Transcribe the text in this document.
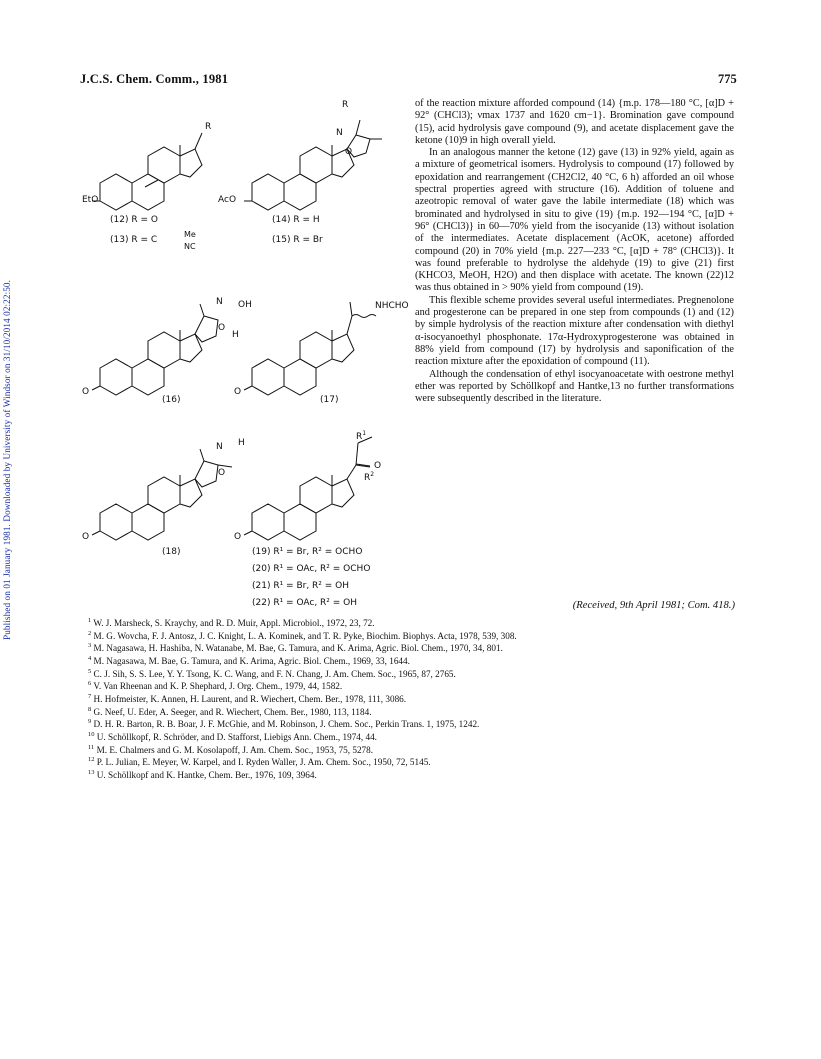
Published on 01 January 1981. Downloaded by University of Windsor on 31/10/2014 02:22:50.
J.C.S. Chem. Comm., 1981	775
R
EtO
(12) R = O
(13) R = C
Me
NC
R
N
O
AcO
(14) R = H
(15) R = Br
N OH
O
H
O
(16)
NHCHO
O
(17)
N
O
H
O
(18)
$R^1$
O
$R^2$
O
(19) R¹ = Br, R² = OCHO
(20) R¹ = OAc, R² = OCHO
(21) R¹ = Br, R² = OH
(22) R¹ = OAc, R² = OH

of the reaction mixture afforded compound (14) {m.p. 178—180 °C, [α]D + 92° (CHCl3); νmax 1737 and 1620 cm−1}. Bromination gave compound (15), acid hydrolysis gave compound (9), and acetate displacement gave the ketone (10)9 in high overall yield.

In an analogous manner the ketone (12) gave (13) in 92% yield, again as a mixture of geometrical isomers. Hydrolysis to compound (17) followed by epoxidation and rearrangement (CH2Cl2, 40 °C, 6 h) afforded an oil whose spectral properties agreed with structure (16). Addition of toluene and azeotropic removal of water gave the labile intermediate (18) which was brominated and hydrolysed in situ to give (19) {m.p. 192—194 °C, [α]D + 96° (CHCl3)} in 60—70% yield from the isocyanide (13) without isolation of the intermediates. Acetate displacement (AcOK, acetone) afforded compound (20) in 70% yield {m.p. 227—233 °C, [α]D + 78° (CHCl3)}. It was found preferable to hydrolyse the aldehyde (19) to give (21) first (KHCO3, MeOH, H2O) and then displace with acetate. The known (22)12 was thus obtained in > 90% yield from compound (19).

This flexible scheme provides several useful intermediates. Pregnenolone and progesterone can be prepared in one step from compounds (1) and (12) by simple hydrolysis of the reaction mixture after condensation with diethyl α-isocyanoethyl phosphonate. 17α-Hydroxyprogesterone was obtained in 88% yield from compound (17) by hydrolysis and saponification of the reaction mixture after the epoxidation of compound (11).

Although the condensation of ethyl isocyanoacetate with oestrone methyl ether was reported by Schöllkopf and Hantke,13 no further transformations were subsequently described in the literature.

(Received, 9th April 1981; Com. 418.)
$^1$ W. J. Marsheck, S. Kraychy, and R. D. Muir, Appl. Microbiol., 1972, 23, 72.
$^2$ M. G. Wovcha, F. J. Antosz, J. C. Knight, L. A. Kominek, and T. R. Pyke, Biochim. Biophys. Acta, 1978, 539, 308.
$^3$ M. Nagasawa, H. Hashiba, N. Watanabe, M. Bae, G. Tamura, and K. Arima, Agric. Biol. Chem., 1970, 34, 801.
$^4$ M. Nagasawa, M. Bae, G. Tamura, and K. Arima, Agric. Biol. Chem., 1969, 33, 1644.
$^5$ C. J. Sih, S. S. Lee, Y. Y. Tsong, K. C. Wang, and F. N. Chang, J. Am. Chem. Soc., 1965, 87, 2765.
$^6$ V. Van Rheenan and K. P. Shephard, J. Org. Chem., 1979, 44, 1582.
$^7$ H. Hofmeister, K. Annen, H. Laurent, and R. Wiechert, Chem. Ber., 1978, 111, 3086.
$^8$ G. Neef, U. Eder, A. Seeger, and R. Wiechert, Chem. Ber., 1980, 113, 1184.
$^9$ D. H. R. Barton, R. B. Boar, J. F. McGhie, and M. Robinson, J. Chem. Soc., Perkin Trans. 1, 1975, 1242.
$^{10}$ U. Schöllkopf, R. Schröder, and D. Stafforst, Liebigs Ann. Chem., 1974, 44.
$^{11}$ M. E. Chalmers and G. M. Kosolapoff, J. Am. Chem. Soc., 1953, 75, 5278.
$^{12}$ P. L. Julian, E. Meyer, W. Karpel, and I. Ryden Waller, J. Am. Chem. Soc., 1950, 72, 5145.
$^{13}$ U. Schöllkopf and K. Hantke, Chem. Ber., 1976, 109, 3964.
